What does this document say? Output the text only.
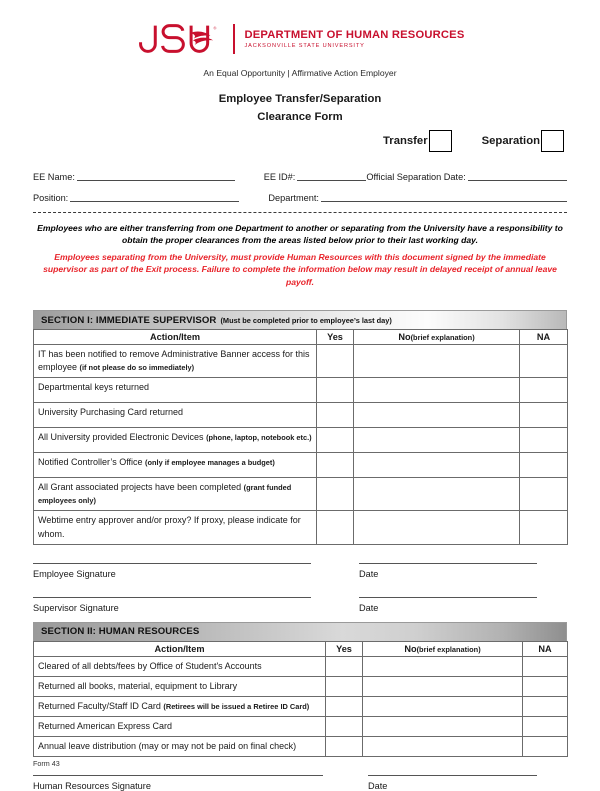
®
DEPARTMENT OF HUMAN RESOURCES
JACKSONVILLE STATE UNIVERSITY
An Equal Opportunity | Affirmative Action Employer
Employee Transfer/Separation
Clearance Form
Transfer	Separation
EE Name:	EE ID#:	Official Separation Date:
Position:	Department:
Employees who are either transferring from one Department to another or separating from the University have a responsibility to obtain the proper clearances from the areas listed below prior to their last working day.
Employees separating from the University, must provide Human Resources with this document signed by the immediate supervisor as part of the Exit process. Failure to complete the information below may result in delayed receipt of annual leave payoff.
SECTION I: IMMEDIATE SUPERVISOR (Must be completed prior to employee’s last day)
Action/Item	Yes	No(brief explanation)	NA
IT has been notified to remove Administrative Banner access for this employee (if not please do so immediately)			
Departmental keys returned			
University Purchasing Card returned			
All University provided Electronic Devices (phone, laptop, notebook etc.)			
Notified Controller’s Office (only if employee manages a budget)			
All Grant associated projects have been completed (grant funded employees only)			
Webtime entry approver and/or proxy? If proxy, please indicate for whom.			
Employee Signature	Date
Supervisor Signature	Date
SECTION II: HUMAN RESOURCES
Action/Item	Yes	No(brief explanation)	NA
Cleared of all debts/fees by Office of Student's Accounts			
Returned all books, material, equipment to Library			
Returned Faculty/Staff ID Card (Retirees will be issued a Retiree ID Card)			
Returned American Express Card			
Annual leave distribution (may or may not be paid on final check)			
Human Resources Signature	Date
Form 43
